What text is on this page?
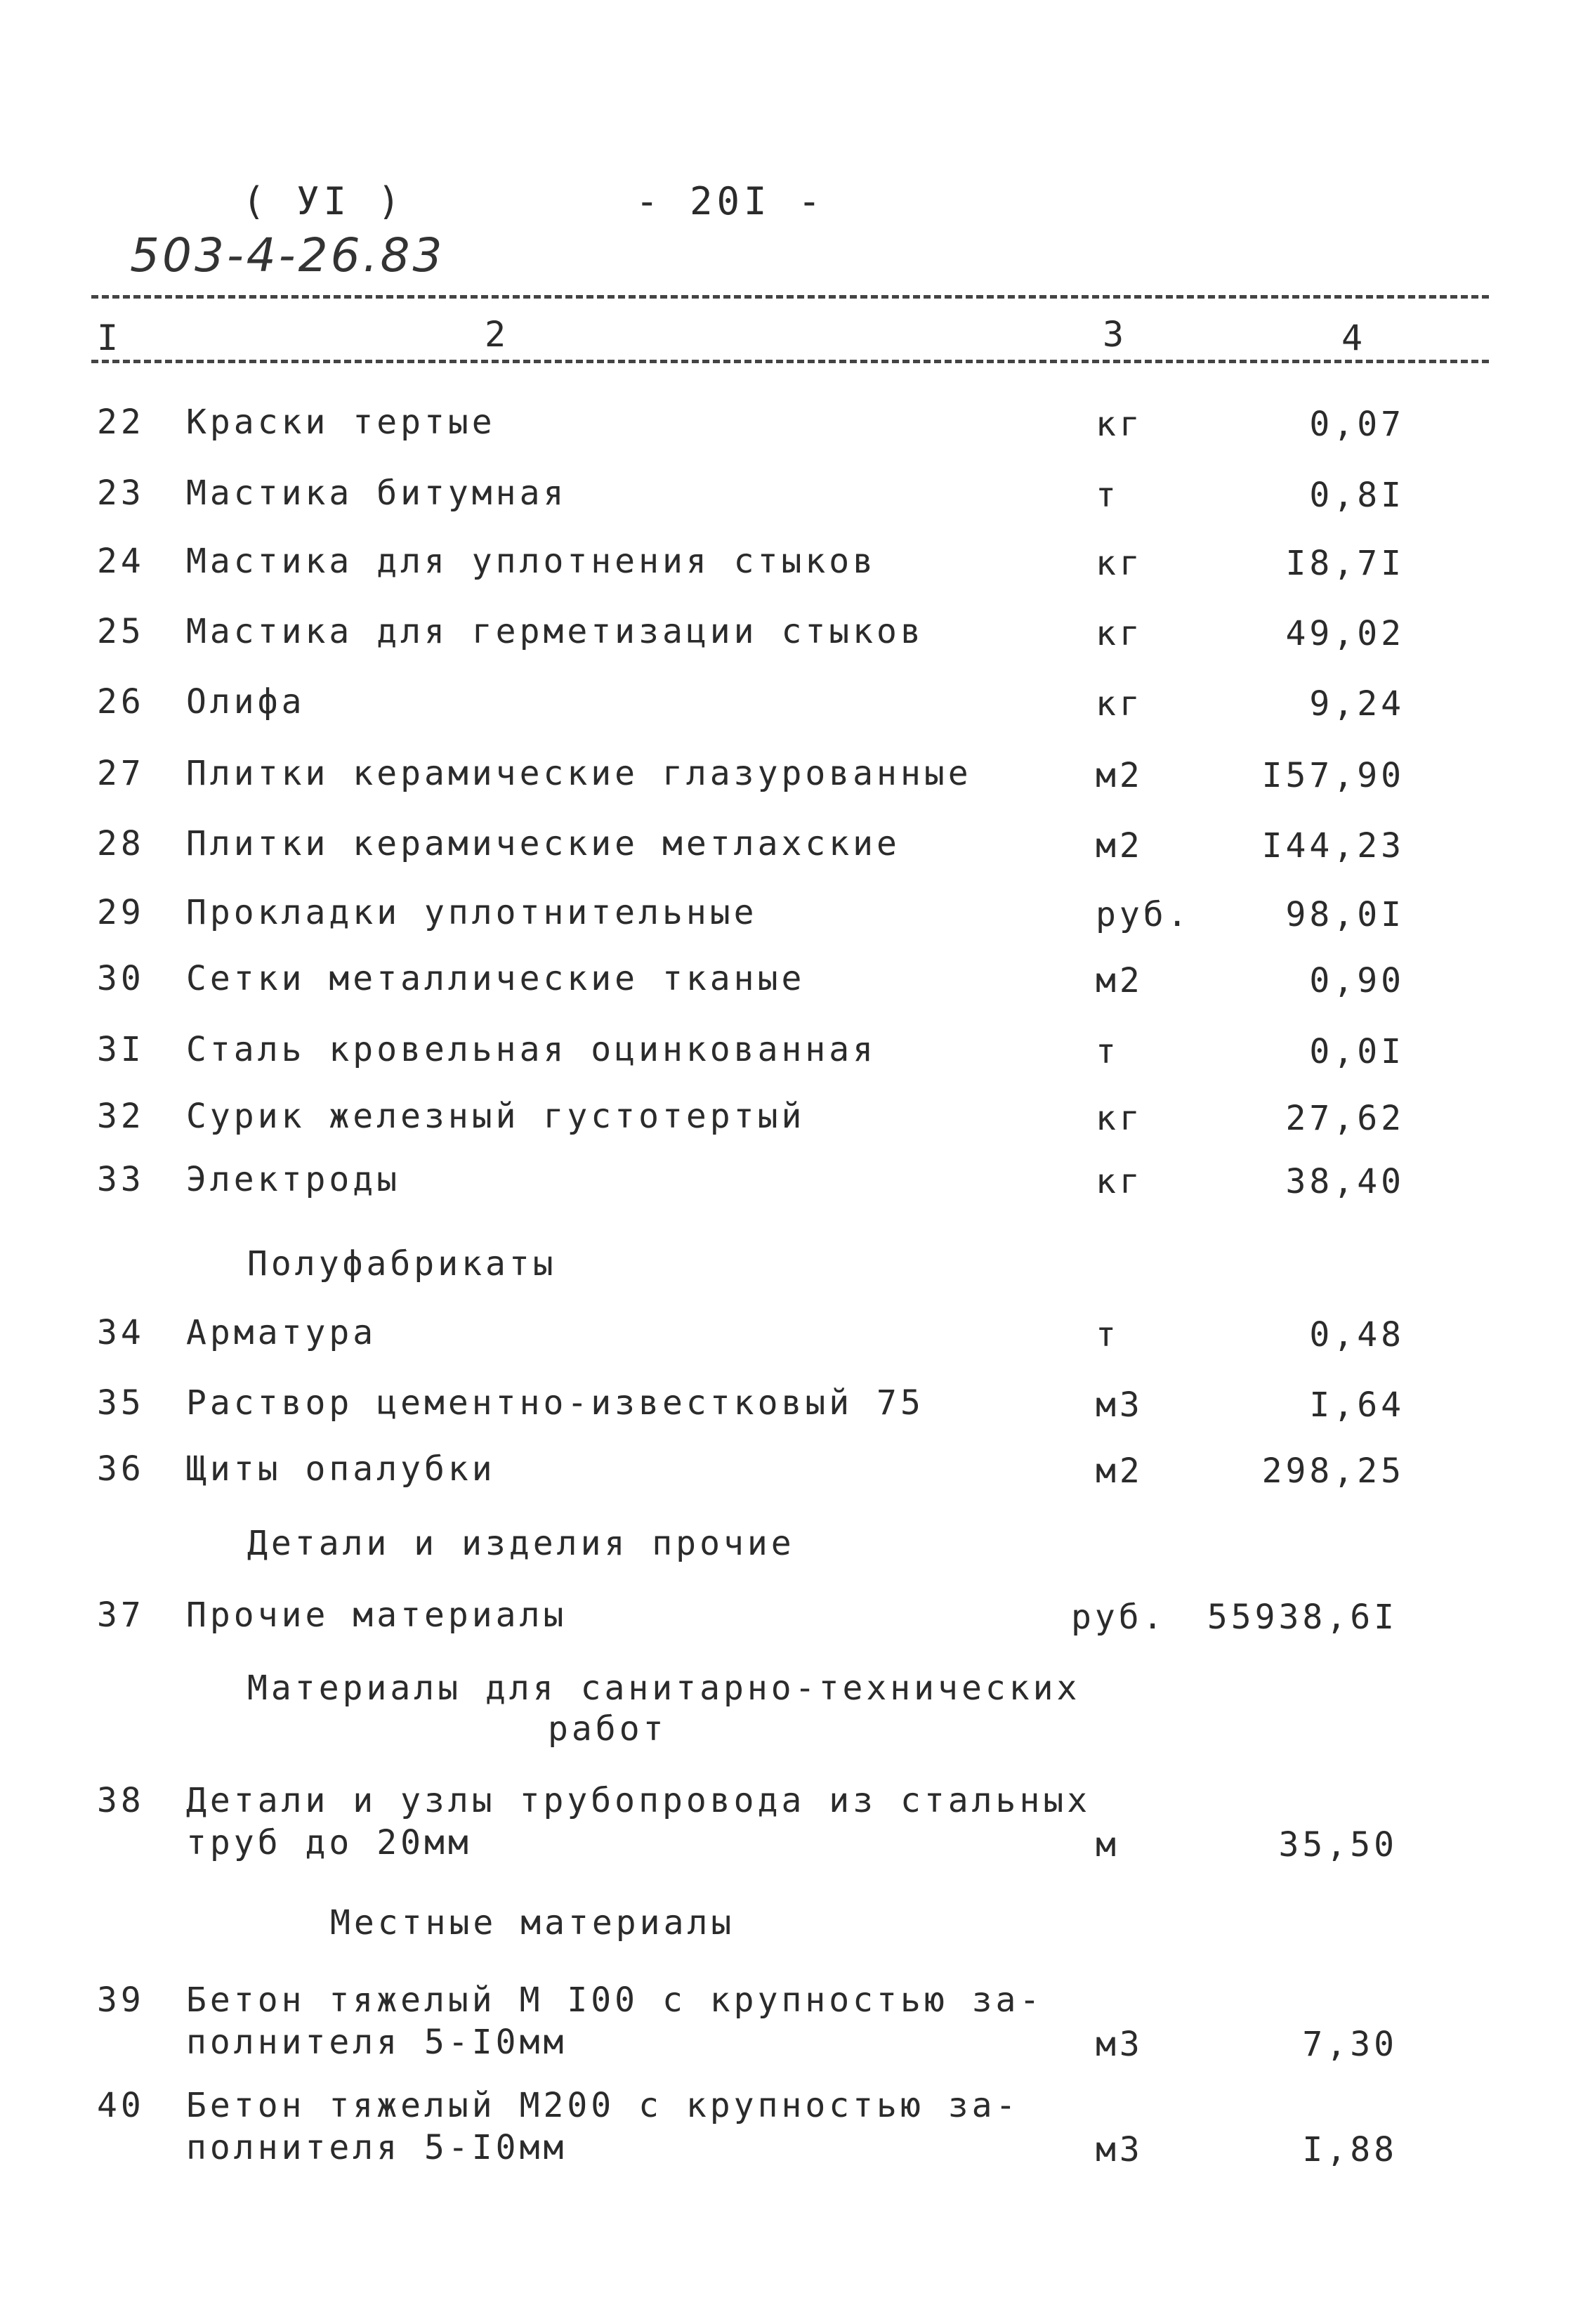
( УI )	- 20I -
503-4-26.83
I	2	3	4
22 Краски тертые	кг	0,07
23 Мастика битумная	т	0,8I
24 Мастика для уплотнения стыков	кг	I8,7I
25 Мастика для герметизации стыков	кг	49,02
26 Олифа	кг	9,24
27 Плитки керамические глазурованные	м2	I57,90
28 Плитки керамические метлахские	м2	I44,23
29 Прокладки уплотнительные	руб.	98,0I
30 Сетки металлические тканые	м2	0,90
3I Сталь кровельная оцинкованная	т	0,0I
32 Сурик железный густотертый	кг	27,62
33 Электроды	кг	38,40
Полуфабрикаты
34 Арматура	т	0,48
35 Раствор цементно-известковый 75	м3	I,64
36 Щиты опалубки	м2	298,25
Детали и изделия прочие
37 Прочие материалы	руб.	55938,6I
Материалы для санитарно-технических
работ
38 Детали и узлы трубопровода из стальных
труб до 20мм	м	35,50
Местные материалы
39 Бетон тяжелый М I00 с крупностью за-
полнителя 5-I0мм	м3	7,30
40 Бетон тяжелый М200 с крупностью за-
полнителя 5-I0мм	м3	I,88
